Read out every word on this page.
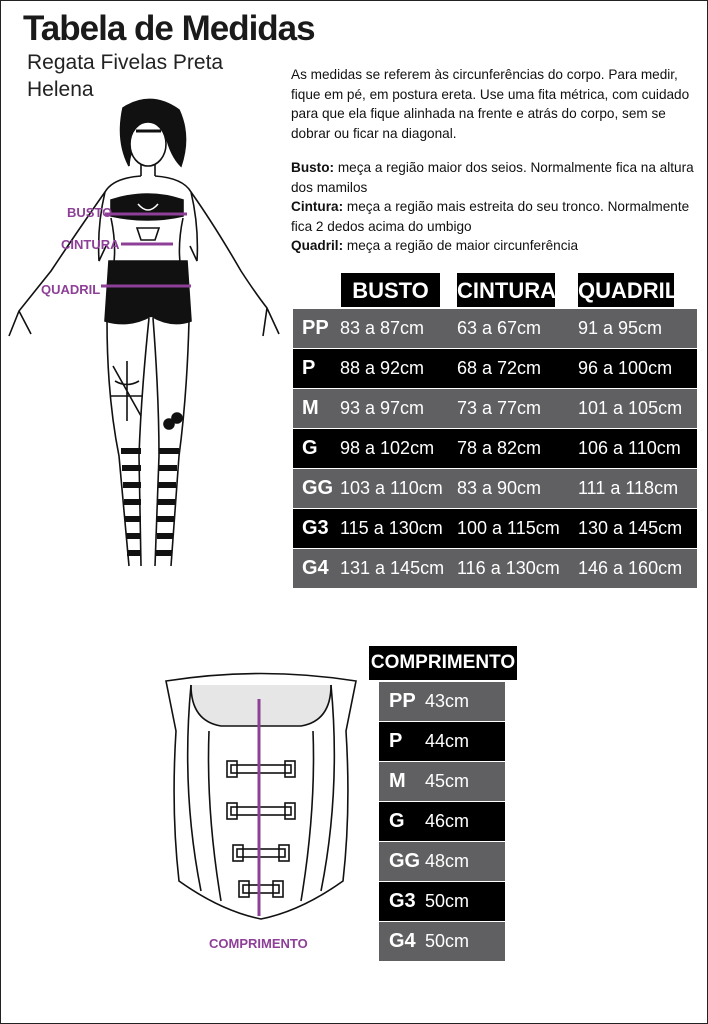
Tabela de Medidas
Regata Fivelas Preta
Helena
As medidas se referem às circunferências do corpo. Para medir, fique em pé, em postura ereta. Use uma fita métrica, com cuidado para que ela fique alinhada na frente e atrás do corpo, sem se dobrar ou ficar na diagonal.

Busto: meça a região maior dos seios. Normalmente fica na altura dos mamilos

Cintura: meça a região mais estreita do seu tronco. Normalmente fica 2 dedos acima do umbigo

Quadril: meça a região de maior circunferência

BUSTO
CINTURA
QUADRIL	BUSTO	CINTURA QUADRIL
PP 83 a 87cm 63 a 67cm 91 a 95cm
P 88 a 92cm 68 a 72cm 96 a 100cm
M 93 a 97cm 73 a 77cm 101 a 105cm
G 98 a 102cm 78 a 82cm 106 a 110cm
GG 103 a 110cm 83 a 90cm 111 a 118cm
G3 115 a 130cm 100 a 115cm 130 a 145cm
G4 131 a 145cm 116 a 130cm 146 a 160cm
COMPRIMENTO
COMPRIMENTO
PP 43cm
P 44cm
M 45cm
G 46cm
GG 48cm
G3 50cm
G4 50cm
